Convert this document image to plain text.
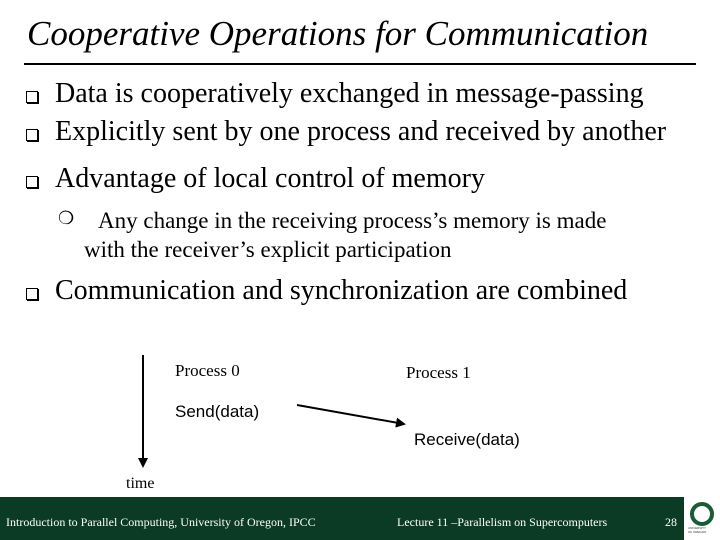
Cooperative Operations for Communication
Data is cooperatively exchanged in message-passing
Explicitly sent by one process and received by another
Advantage of local control of memory
❍ Any change in the receiving process’s memory is made
with the receiver’s explicit participation
Communication and synchronization are combined
Process 0	Process 1
Send(data)
Receive(data)
time
Introduction to Parallel Computing, University of Oregon, IPCC	Lecture 11 –Parallelism on Supercomputers	28	UNIVERSITY
OF OREGON
